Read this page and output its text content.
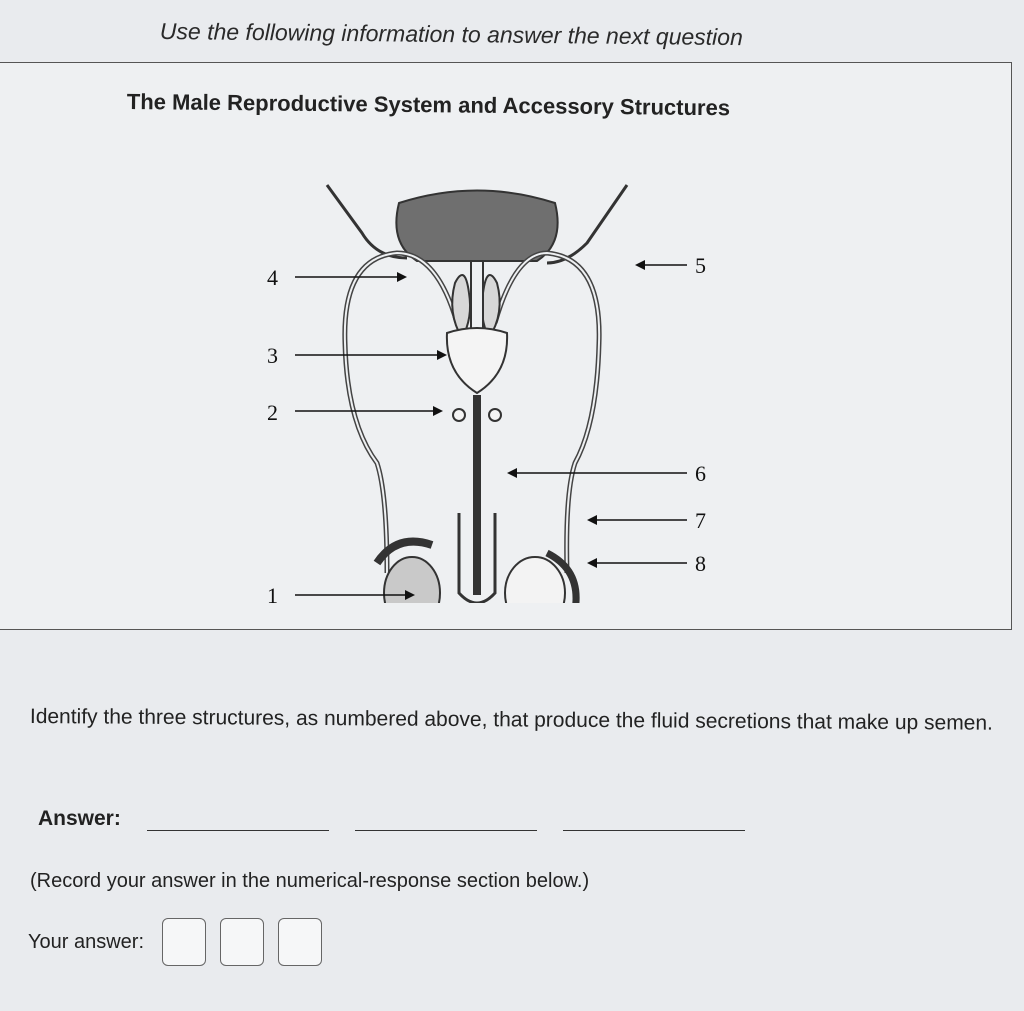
Use the following information to answer the next question
The Male Reproductive System and Accessory Structures
4
3
2
1
5
6
7
8
Identify the three structures, as numbered above, that produce the fluid secretions that make up semen.
Answer:
(Record your answer in the numerical-response section below.)
Your answer:
